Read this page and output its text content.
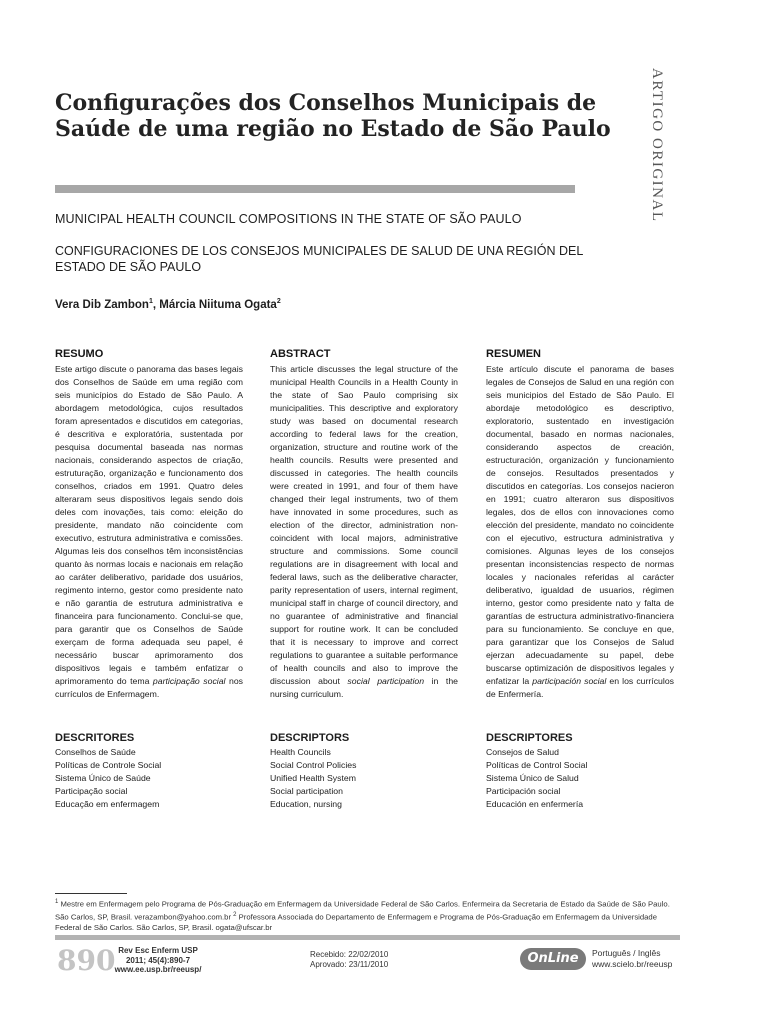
ARTIGO ORIGINAL
Configurações dos Conselhos Municipais de Saúde de uma região no Estado de São Paulo
MUNICIPAL HEALTH COUNCIL COMPOSITIONS IN THE STATE OF SÃO PAULO
CONFIGURACIONES DE LOS CONSEJOS MUNICIPALES DE SALUD DE UNA REGIÓN DEL ESTADO DE SÃO PAULO
Vera Dib Zambon$^1$, Márcia Niituma Ogata$^2$
RESUMO

Este artigo discute o panorama das bases legais dos Conselhos de Saúde em uma região com seis municípios do Estado de São Paulo. A abordagem metodológica, cujos resultados foram apresentados e discutidos em categorias, é descritiva e exploratória, sustentada por pesquisa documental baseada nas normas nacionais, considerando aspectos de criação, estruturação, organização e funcionamento dos conselhos, criados em 1991. Quatro deles alteraram seus dispositivos legais sendo dois deles com inovações, tais como: eleição do presidente, mandato não coincidente com executivo, estrutura administrativa e comissões. Algumas leis dos conselhos têm inconsistências quanto às normas locais e nacionais em relação ao caráter deliberativo, paridade dos usuários, regimento interno, gestor como presidente nato e não garantia de estrutura administrativa e financeira para funcionamento. Conclui-se que, para garantir que os Conselhos de Saúde exerçam de forma adequada seu papel, é necessário buscar aprimoramento dos dispositivos legais e também enfatizar o aprimoramento do tema participação social nos currículos de Enfermagem.

ABSTRACT

This article discusses the legal structure of the municipal Health Councils in a Health County in the state of Sao Paulo comprising six municipalities. This descriptive and exploratory study was based on documental research according to federal laws for the creation, organization, structure and routine work of the health councils. Results were presented and discussed in categories. The health councils were created in 1991, and four of them have changed their legal instruments, two of them have innovated in some procedures, such as election of the director, administration non-coincident with local majors, administrative structure and commissions. Some council regulations are in disagreement with local and federal laws, such as the deliberative character, parity representation of users, internal regiment, municipal staff in charge of council directory, and no guarantee of administrative and financial support for routine work. It can be concluded that it is necessary to improve and correct regulations to guarantee a suitable performance of health councils and also to improve the discussion about social participation in the nursing curriculum.

RESUMEN

Este artículo discute el panorama de bases legales de Consejos de Salud en una región con seis municipios del Estado de São Paulo. El abordaje metodológico es descriptivo, exploratorio, sustentado en investigación documental, basado en normas nacionales, considerando aspectos de creación, estructuración, organización y funcionamiento de consejos. Resultados presentados y discutidos en categorías. Los consejos nacieron en 1991; cuatro alteraron sus dispositivos legales, dos de ellos con innovaciones como elección del presidente, mandato no coincidente con el ejecutivo, estructura administrativa y comisiones. Algunas leyes de los consejos presentan inconsistencias respecto de normas locales y nacionales referidas al carácter deliberativo, igualdad de usuarios, régimen interno, gestor como presidente nato y falta de garantías de estructura administrativo-financiera para su funcionamiento. Se concluye en que, para garantizar que los Consejos de Salud ejerzan adecuadamente su papel, debe buscarse optimización de dispositivos legales y enfatizar la participación social en los currículos de Enfermería.

DESCRITORES
Conselhos de Saúde
Políticas de Controle Social
Sistema Único de Saúde
Participação social
Educação em enfermagem
DESCRIPTORS
Health Councils
Social Control Policies
Unified Health System
Social participation
Education, nursing
DESCRIPTORES
Consejos de Salud
Políticas de Control Social
Sistema Único de Salud
Participación social
Educación en enfermería
$^1$ Mestre em Enfermagem pelo Programa de Pós-Graduação em Enfermagem da Universidade Federal de São Carlos. Enfermeira da Secretaria de Estado da Saúde de São Paulo. São Carlos, SP, Brasil. verazambon@yahoo.com.br $^2$ Professora Associada do Departamento de Enfermagem e Programa de Pós-Graduação em Enfermagem da Universidade Federal de São Carlos. São Carlos, SP, Brasil. ogata@ufscar.br
890 Rev Esc Enferm USP
2011; 45(4):890-7
www.ee.usp.br/reeusp/
Recebido: 22/02/2010
Aprovado: 23/11/2010	OnLine	Português / Inglês
www.scielo.br/reeusp
